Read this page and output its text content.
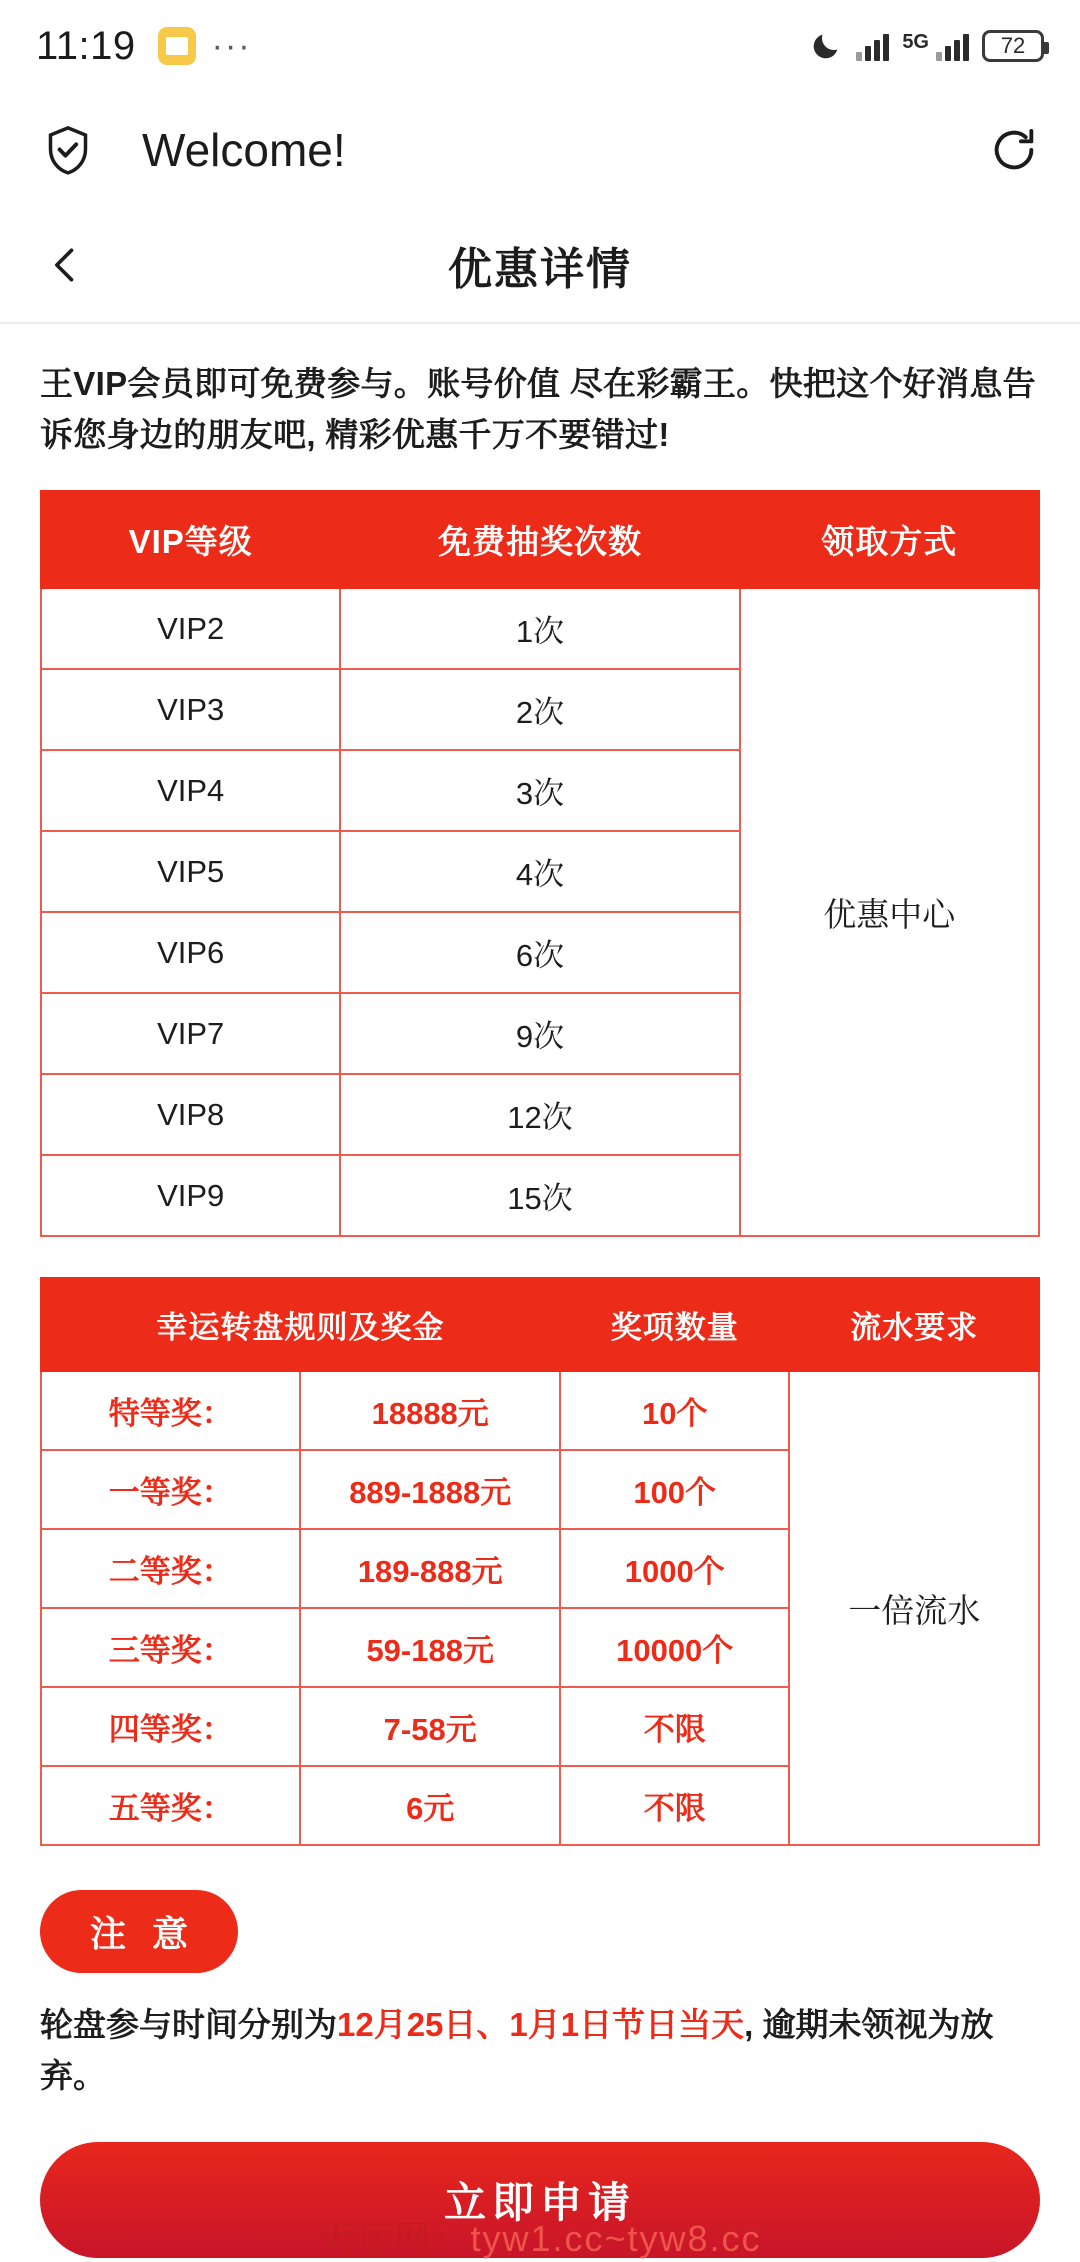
11:19 ···	5G	72
Welcome!
优惠详情

王VIP会员即可免费参与。账号价值 尽在彩霸王。快把这个好消息告诉您身边的朋友吧, 精彩优惠千万不要错过!

VIP等级	免费抽奖次数	领取方式
VIP2	1次	优惠中心
VIP3	2次	
VIP4	3次	
VIP5	4次	
VIP6	6次	
VIP7	9次	
VIP8	12次	
VIP9	15次	
幸运转盘规则及奖金		奖项数量	流水要求
特等奖：	18888元	10个	一倍流水
一等奖：	889-1888元	100个	
二等奖：	189-888元	1000个	
三等奖：	59-188元	10000个	
四等奖：	7-58元	不限	
五等奖：	6元	不限	
注 意

轮盘参与时间分别为12月25日、1月1日节日当天, 逾期未领视为放弃。

立即申请
天运网：tyw1.cc~tyw8.cc
